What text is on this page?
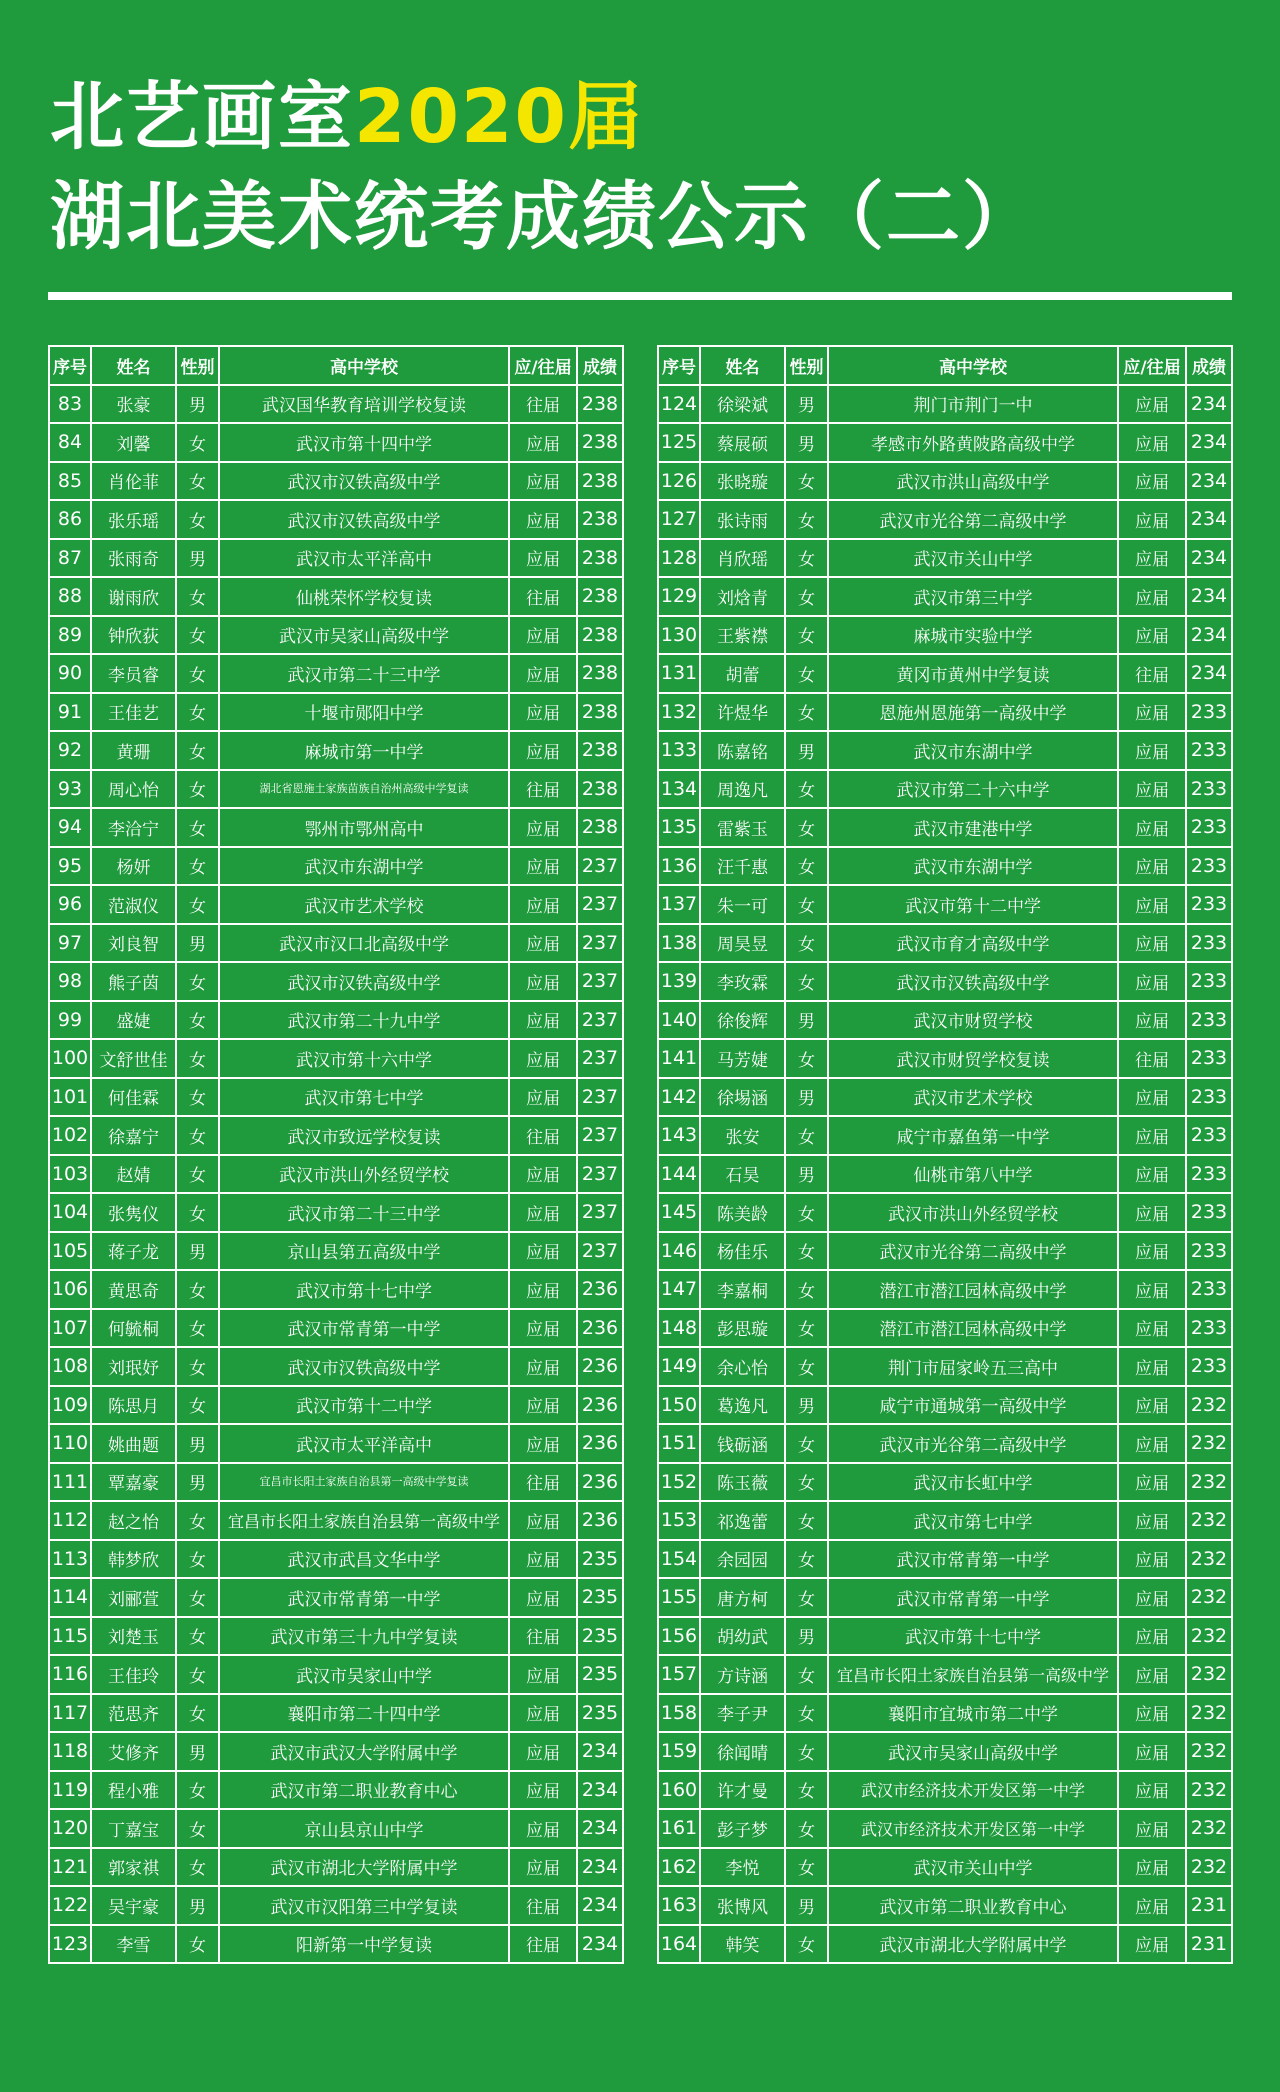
北艺画室2020届
湖北美术统考成绩公示（二）
序号	姓名	性别	高中学校	应/往届	成绩
83	张豪	男	武汉国华教育培训学校复读	往届	238
84	刘馨	女	武汉市第十四中学	应届	238
85	肖伦菲	女	武汉市汉铁高级中学	应届	238
86	张乐瑶	女	武汉市汉铁高级中学	应届	238
87	张雨奇	男	武汉市太平洋高中	应届	238
88	谢雨欣	女	仙桃荣怀学校复读	往届	238
89	钟欣荻	女	武汉市吴家山高级中学	应届	238
90	李员睿	女	武汉市第二十三中学	应届	238
91	王佳艺	女	十堰市郧阳中学	应届	238
92	黄珊	女	麻城市第一中学	应届	238
93	周心怡	女	湖北省恩施土家族苗族自治州高级中学复读	往届	238
94	李洽宁	女	鄂州市鄂州高中	应届	238
95	杨妍	女	武汉市东湖中学	应届	237
96	范淑仪	女	武汉市艺术学校	应届	237
97	刘良智	男	武汉市汉口北高级中学	应届	237
98	熊子茵	女	武汉市汉铁高级中学	应届	237
99	盛婕	女	武汉市第二十九中学	应届	237
100	文舒世佳	女	武汉市第十六中学	应届	237
101	何佳霖	女	武汉市第七中学	应届	237
102	徐嘉宁	女	武汉市致远学校复读	往届	237
103	赵婧	女	武汉市洪山外经贸学校	应届	237
104	张隽仪	女	武汉市第二十三中学	应届	237
105	蒋子龙	男	京山县第五高级中学	应届	237
106	黄思奇	女	武汉市第十七中学	应届	236
107	何毓桐	女	武汉市常青第一中学	应届	236
108	刘珉妤	女	武汉市汉铁高级中学	应届	236
109	陈思月	女	武汉市第十二中学	应届	236
110	姚曲题	男	武汉市太平洋高中	应届	236
111	覃嘉豪	男	宜昌市长阳土家族自治县第一高级中学复读	往届	236
112	赵之怡	女	宜昌市长阳土家族自治县第一高级中学	应届	236
113	韩梦欣	女	武汉市武昌文华中学	应届	235
114	刘郦萱	女	武汉市常青第一中学	应届	235
115	刘楚玉	女	武汉市第三十九中学复读	往届	235
116	王佳玲	女	武汉市吴家山中学	应届	235
117	范思齐	女	襄阳市第二十四中学	应届	235
118	艾修齐	男	武汉市武汉大学附属中学	应届	234
119	程小雅	女	武汉市第二职业教育中心	应届	234
120	丁嘉宝	女	京山县京山中学	应届	234
121	郭家祺	女	武汉市湖北大学附属中学	应届	234
122	吴宇豪	男	武汉市汉阳第三中学复读	往届	234
123	李雪	女	阳新第一中学复读	往届	234
序号	姓名	性别	高中学校	应/往届	成绩
124	徐梁斌	男	荆门市荆门一中	应届	234
125	蔡展硕	男	孝感市外路黄陂路高级中学	应届	234
126	张晓璇	女	武汉市洪山高级中学	应届	234
127	张诗雨	女	武汉市光谷第二高级中学	应届	234
128	肖欣瑶	女	武汉市关山中学	应届	234
129	刘焓青	女	武汉市第三中学	应届	234
130	王紫襟	女	麻城市实验中学	应届	234
131	胡蕾	女	黄冈市黄州中学复读	往届	234
132	许煜华	女	恩施州恩施第一高级中学	应届	233
133	陈嘉铭	男	武汉市东湖中学	应届	233
134	周逸凡	女	武汉市第二十六中学	应届	233
135	雷紫玉	女	武汉市建港中学	应届	233
136	汪千惠	女	武汉市东湖中学	应届	233
137	朱一可	女	武汉市第十二中学	应届	233
138	周昊昱	女	武汉市育才高级中学	应届	233
139	李玫霖	女	武汉市汉铁高级中学	应届	233
140	徐俊辉	男	武汉市财贸学校	应届	233
141	马芳婕	女	武汉市财贸学校复读	往届	233
142	徐埸涵	男	武汉市艺术学校	应届	233
143	张安	女	咸宁市嘉鱼第一中学	应届	233
144	石昊	男	仙桃市第八中学	应届	233
145	陈美龄	女	武汉市洪山外经贸学校	应届	233
146	杨佳乐	女	武汉市光谷第二高级中学	应届	233
147	李嘉桐	女	潜江市潜江园林高级中学	应届	233
148	彭思璇	女	潜江市潜江园林高级中学	应届	233
149	余心怡	女	荆门市屈家岭五三高中	应届	233
150	葛逸凡	男	咸宁市通城第一高级中学	应届	232
151	钱砺涵	女	武汉市光谷第二高级中学	应届	232
152	陈玉薇	女	武汉市长虹中学	应届	232
153	祁逸蕾	女	武汉市第七中学	应届	232
154	余园园	女	武汉市常青第一中学	应届	232
155	唐方柯	女	武汉市常青第一中学	应届	232
156	胡幼武	男	武汉市第十七中学	应届	232
157	方诗涵	女	宜昌市长阳土家族自治县第一高级中学	应届	232
158	李子尹	女	襄阳市宜城市第二中学	应届	232
159	徐闻晴	女	武汉市吴家山高级中学	应届	232
160	许才曼	女	武汉市经济技术开发区第一中学	应届	232
161	彭子梦	女	武汉市经济技术开发区第一中学	应届	232
162	李悦	女	武汉市关山中学	应届	232
163	张博风	男	武汉市第二职业教育中心	应届	231
164	韩笑	女	武汉市湖北大学附属中学	应届	231
